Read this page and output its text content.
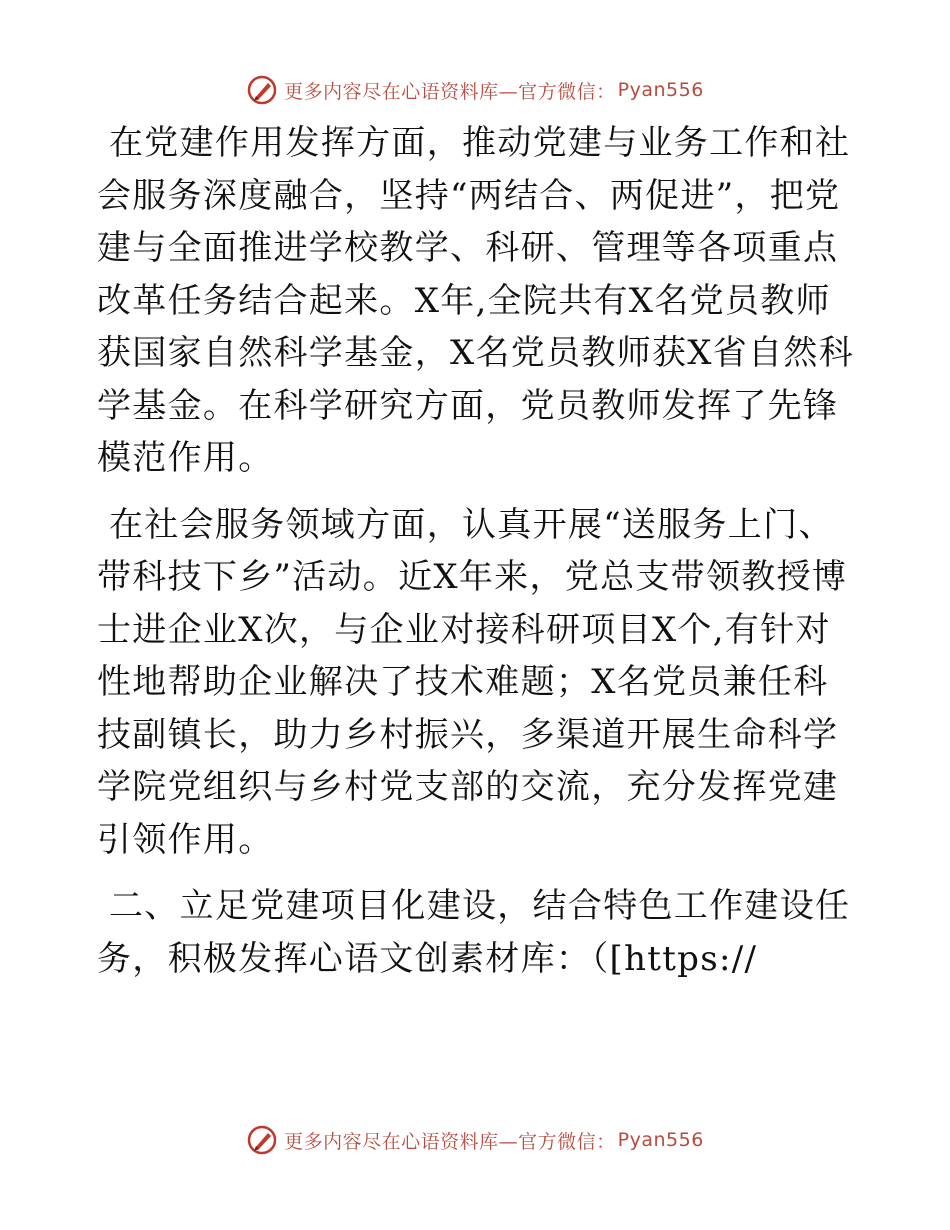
更多内容尽在心语资料库—官方微信： Pyan556

在党建作用发挥方面，推动党建与业务工作和社会服务深度融合，坚持“两结合、两促进”，把党建与全面推进学校教学、科研、管理等各项重点改革任务结合起来。X年,全院共有X名党员教师获国家自然科学基金，X名党员教师获X省自然科学基金。在科学研究方面，党员教师发挥了先锋模范作用。

在社会服务领域方面，认真开展“送服务上门、带科技下乡”活动。近X年来，党总支带领教授博士进企业X次，与企业对接科研项目X个,有针对性地帮助企业解决了技术难题；X名党员兼任科技副镇长，助力乡村振兴，多渠道开展生命科学学院党组织与乡村党支部的交流，充分发挥党建引领作用。

二、立足党建项目化建设，结合特色工作建设任务，积极发挥心语文创素材库：（[https://

更多内容尽在心语资料库—官方微信： Pyan556
